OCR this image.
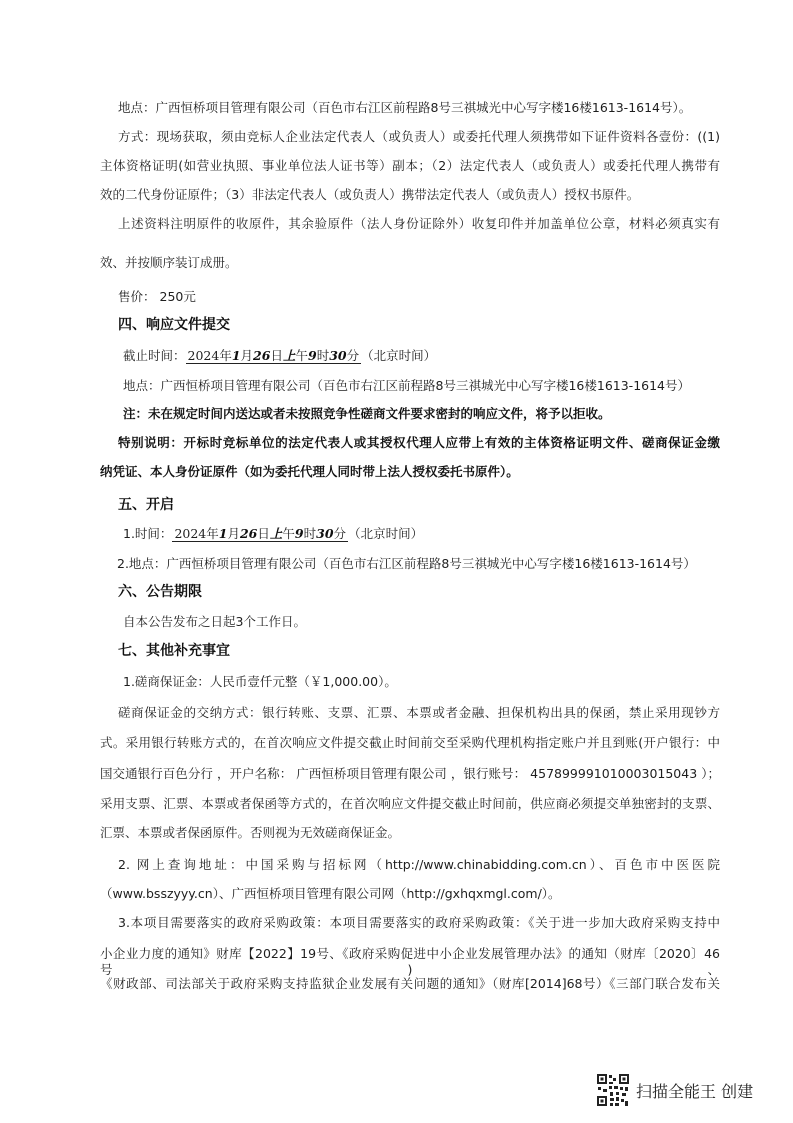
地点：广西恒桥项目管理有限公司（百色市右江区前程路8号三祺城光中心写字楼16楼1613-1614号）。
方式：现场获取，须由竞标人企业法定代表人（或负责人）或委托代理人须携带如下证件资料各壹份：((1)
主体资格证明(如营业执照、事业单位法人证书等）副本；（2）法定代表人（或负责人）或委托代理人携带有
效的二代身份证原件；（3）非法定代表人（或负责人）携带法定代表人（或负责人）授权书原件。
上述资料注明原件的收原件，其余验原件（法人身份证除外）收复印件并加盖单位公章，材料必须真实有
效、并按顺序装订成册。
售价： 250元
四、响应文件提交
截止时间： 2024年1月26日上午9时30分 （北京时间）
地点：广西恒桥项目管理有限公司（百色市右江区前程路8号三祺城光中心写字楼16楼1613-1614号）
注：未在规定时间内送达或者未按照竞争性磋商文件要求密封的响应文件，将予以拒收。
特别说明：开标时竞标单位的法定代表人或其授权代理人应带上有效的主体资格证明文件、磋商保证金缴
纳凭证、本人身份证原件（如为委托代理人同时带上法人授权委托书原件）。
五、开启
1.时间： 2024年1月26日上午9时30分 （北京时间）
2.地点：广西恒桥项目管理有限公司（百色市右江区前程路8号三祺城光中心写字楼16楼1613-1614号）
六、公告期限
自本公告发布之日起3个工作日。
七、其他补充事宜
1.磋商保证金：人民币壹仟元整（￥1,000.00）。
磋商保证金的交纳方式：银行转账、支票、汇票、本票或者金融、担保机构出具的保函，禁止采用现钞方
式。采用银行转账方式的，在首次响应文件提交截止时间前交至采购代理机构指定账户并且到账(开户银行：中
国交通银行百色分行 ，开户名称： 广西恒桥项目管理有限公司 ，银行账号： 457899991010003015043 ）；
采用支票、汇票、本票或者保函等方式的，在首次响应文件提交截止时间前，供应商必须提交单独密封的支票、
汇票、本票或者保函原件。否则视为无效磋商保证金。
2. 网上查询地址：中国采购与招标网（http://www.chinabidding.com.cn）、百色市中医医院
（www.bsszyyy.cn）、广西恒桥项目管理有限公司网（http://gxhqxmgl.com/）。
3.本项目需要落实的政府采购政策：本项目需要落实的政府采购政策：《关于进一步加大政府采购支持中
小企业力度的通知》财库【2022】19号、《政府采购促进中小企业发展管理办法》的通知（财库〔2020〕46号)、
《财政部、司法部关于政府采购支持监狱企业发展有关问题的通知》（财库[2014]68号）《三部门联合发布关
扫描全能王 创建
